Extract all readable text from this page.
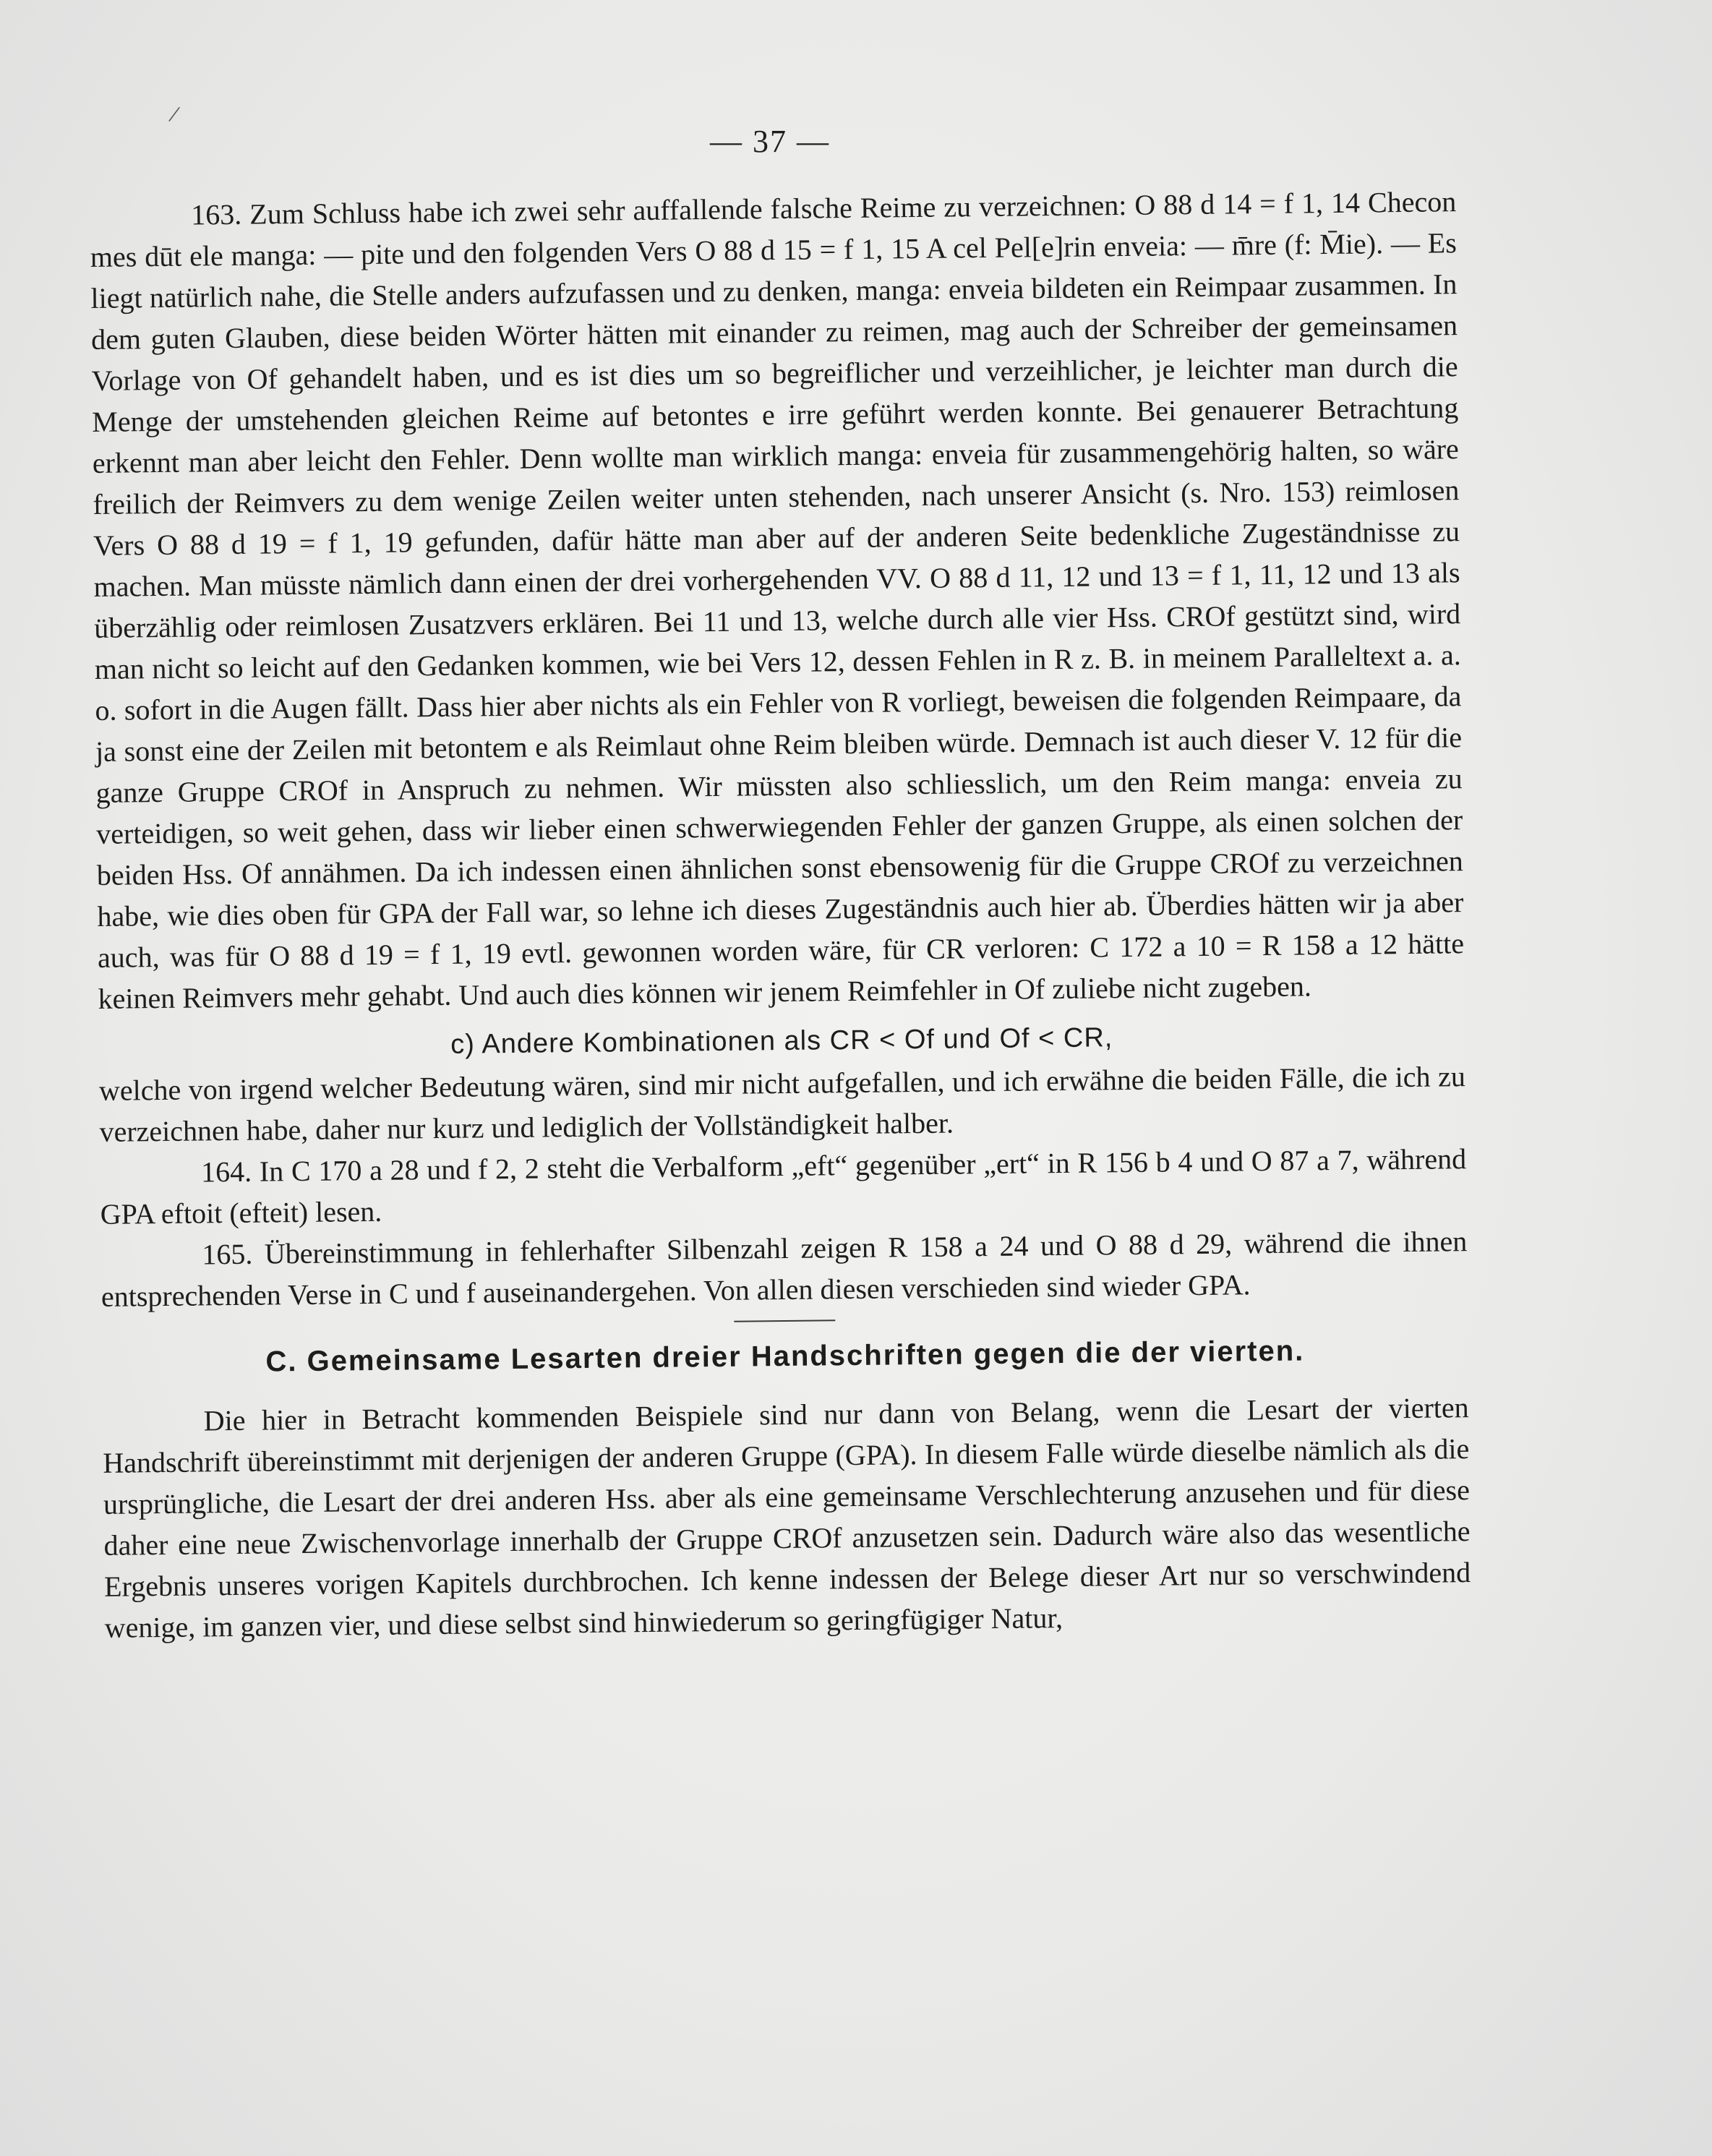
/
— 37 —

163. Zum Schluss habe ich zwei sehr auffallende falsche Reime zu verzeichnen: O 88 d 14 = f 1, 14 Checon mes dūt ele manga: — pite und den folgenden Vers O 88 d 15 = f 1, 15 A cel Pel[e]rin enveia: — m̄re (f: M̄ie). — Es liegt natürlich nahe, die Stelle anders aufzufassen und zu denken, manga: enveia bildeten ein Reimpaar zusammen. In dem guten Glauben, diese beiden Wörter hätten mit einander zu reimen, mag auch der Schreiber der gemeinsamen Vorlage von Of gehandelt haben, und es ist dies um so begreiflicher und verzeihlicher, je leichter man durch die Menge der umstehenden gleichen Reime auf betontes e irre geführt werden konnte. Bei genauerer Betrachtung erkennt man aber leicht den Fehler. Denn wollte man wirklich manga: enveia für zusammengehörig halten, so wäre freilich der Reimvers zu dem wenige Zeilen weiter unten stehenden, nach unserer Ansicht (s. Nro. 153) reimlosen Vers O 88 d 19 = f 1, 19 gefunden, dafür hätte man aber auf der anderen Seite bedenkliche Zugeständnisse zu machen. Man müsste nämlich dann einen der drei vorhergehenden VV. O 88 d 11, 12 und 13 = f 1, 11, 12 und 13 als überzählig oder reimlosen Zusatzvers erklären. Bei 11 und 13, welche durch alle vier Hss. CROf gestützt sind, wird man nicht so leicht auf den Gedanken kommen, wie bei Vers 12, dessen Fehlen in R z. B. in meinem Paralleltext a. a. o. sofort in die Augen fällt. Dass hier aber nichts als ein Fehler von R vorliegt, beweisen die folgenden Reimpaare, da ja sonst eine der Zeilen mit betontem e als Reimlaut ohne Reim bleiben würde. Demnach ist auch dieser V. 12 für die ganze Gruppe CROf in Anspruch zu nehmen. Wir müssten also schliesslich, um den Reim manga: enveia zu verteidigen, so weit gehen, dass wir lieber einen schwerwiegenden Fehler der ganzen Gruppe, als einen solchen der beiden Hss. Of annähmen. Da ich indessen einen ähnlichen sonst ebensowenig für die Gruppe CROf zu verzeichnen habe, wie dies oben für GPA der Fall war, so lehne ich dieses Zugeständnis auch hier ab. Überdies hätten wir ja aber auch, was für O 88 d 19 = f 1, 19 evtl. gewonnen worden wäre, für CR verloren: C 172 a 10 = R 158 a 12 hätte keinen Reimvers mehr gehabt. Und auch dies können wir jenem Reimfehler in Of zuliebe nicht zugeben.

c) Andere Kombinationen als CR < Of und Of < CR,

welche von irgend welcher Bedeutung wären, sind mir nicht aufgefallen, und ich erwähne die beiden Fälle, die ich zu verzeichnen habe, daher nur kurz und lediglich der Vollständigkeit halber.

164. In C 170 a 28 und f 2, 2 steht die Verbalform „eft“ gegenüber „ert“ in R 156 b 4 und O 87 a 7, während GPA eftoit (efteit) lesen.

165. Übereinstimmung in fehlerhafter Silbenzahl zeigen R 158 a 24 und O 88 d 29, während die ihnen entsprechenden Verse in C und f auseinandergehen. Von allen diesen verschieden sind wieder GPA.

C. Gemeinsame Lesarten dreier Handschriften gegen die der vierten.

Die hier in Betracht kommenden Beispiele sind nur dann von Belang, wenn die Lesart der vierten Handschrift übereinstimmt mit derjenigen der anderen Gruppe (GPA). In diesem Falle würde dieselbe nämlich als die ursprüngliche, die Lesart der drei anderen Hss. aber als eine gemeinsame Verschlechterung anzusehen und für diese daher eine neue Zwischenvorlage innerhalb der Gruppe CROf anzusetzen sein. Dadurch wäre also das wesentliche Ergebnis unseres vorigen Kapitels durchbrochen. Ich kenne indessen der Belege dieser Art nur so verschwindend wenige, im ganzen vier, und diese selbst sind hinwiederum so geringfügiger Natur,
